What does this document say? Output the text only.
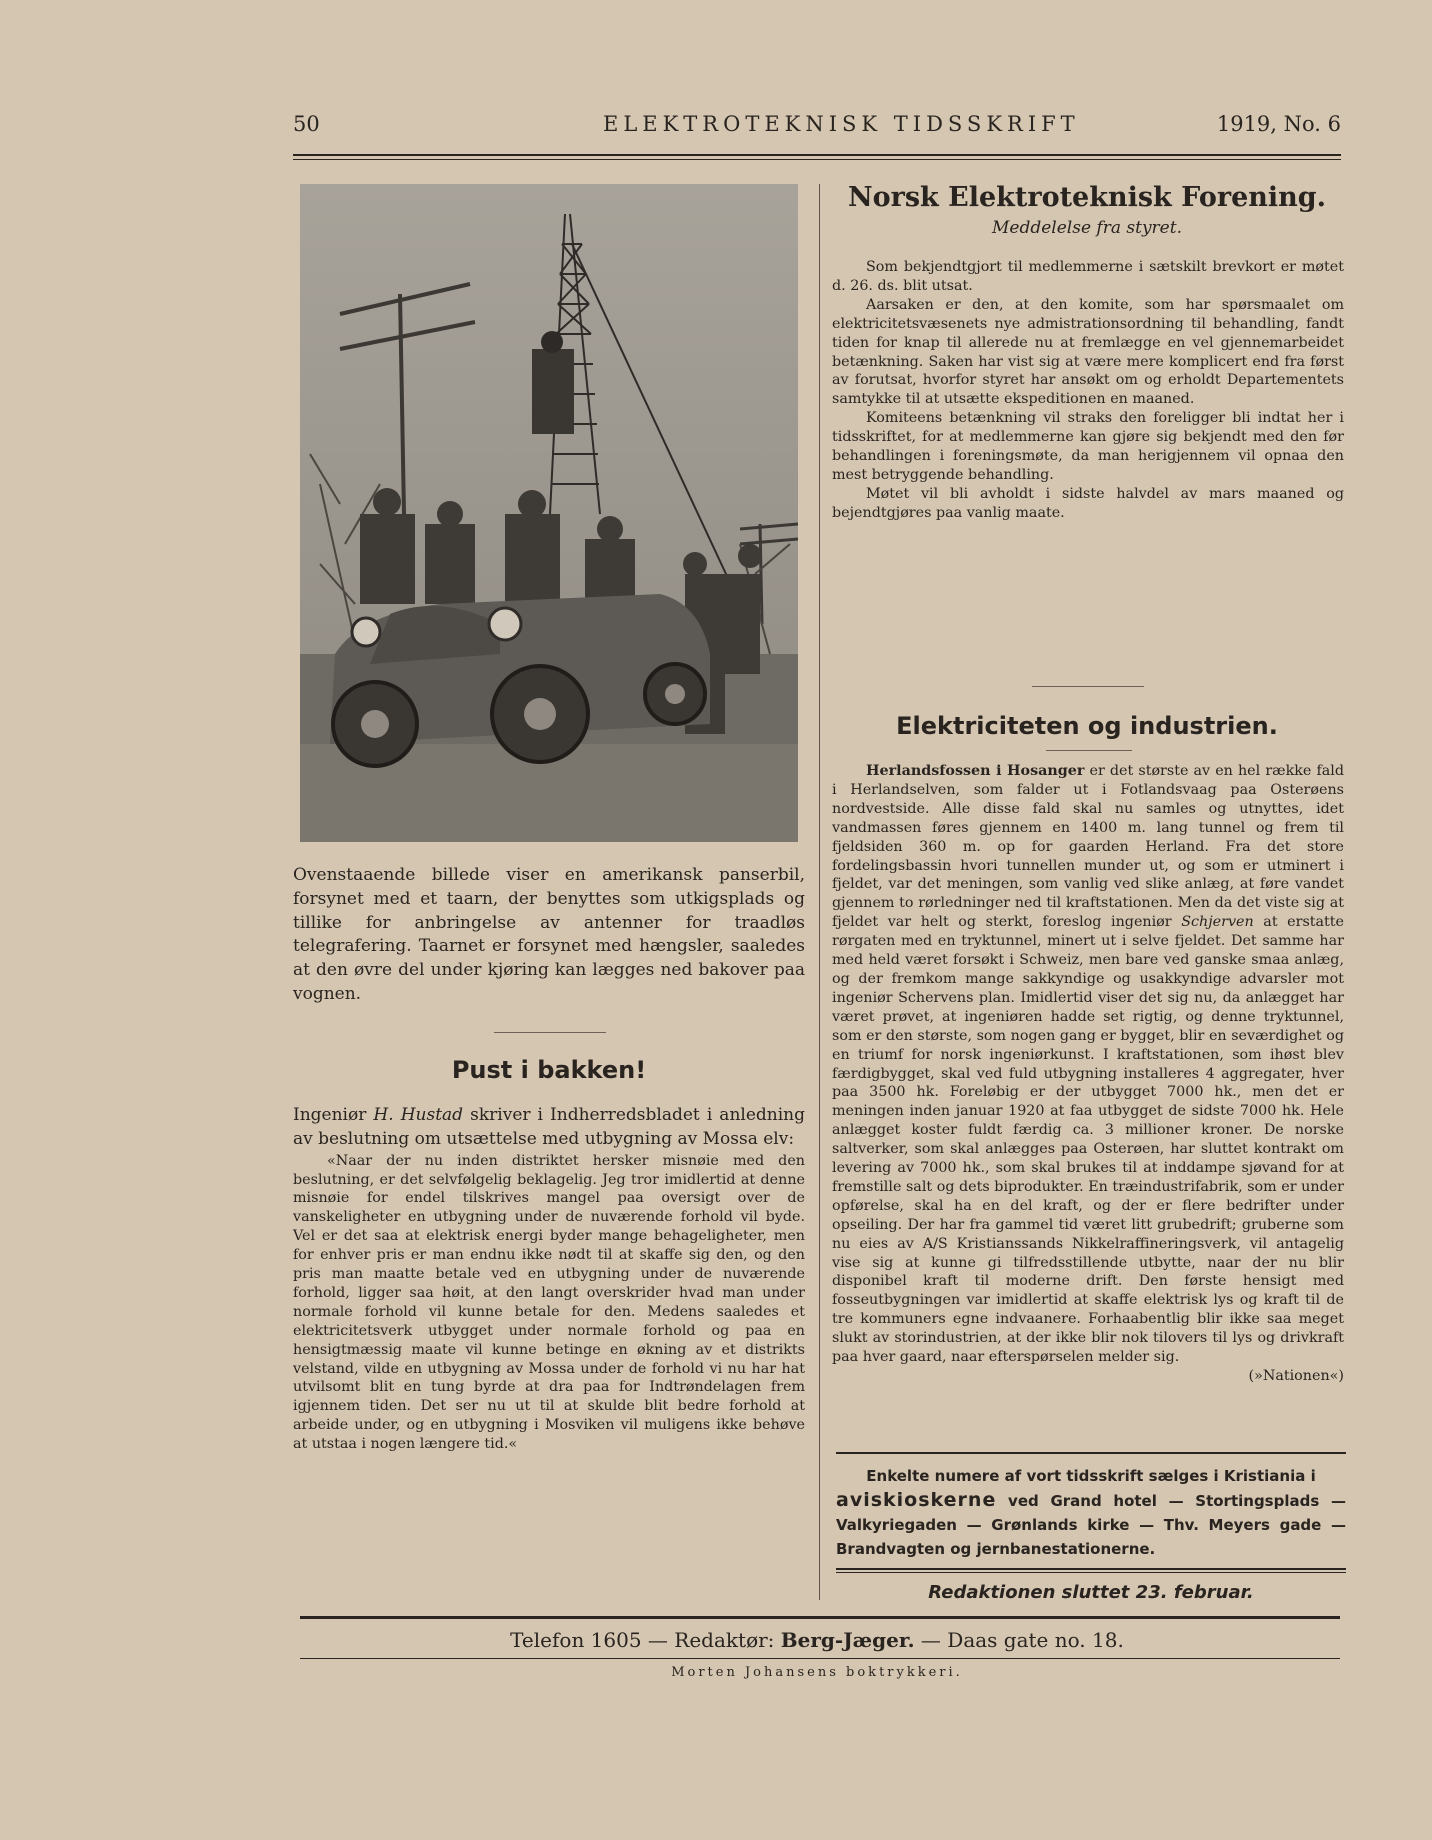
50	ELEKTROTEKNISK TIDSSKRIFT	1919, No. 6

Ovenstaaende billede viser en amerikansk panserbil, forsynet med et taarn, der benyttes som utkigsplads og tillike for anbringelse av antenner for traadløs telegrafering. Taarnet er forsynet med hængsler, saaledes at den øvre del under kjøring kan lægges ned bakover paa vognen.

Pust i bakken!

Ingeniør H. Hustad skriver i Indherredsbladet i anledning av beslutning om utsættelse med utbygning av Mossa elv:

«Naar der nu inden distriktet hersker misnøie med den beslutning, er det selvfølgelig beklagelig. Jeg tror imidlertid at denne misnøie for endel tilskrives mangel paa oversigt over de vanskeligheter en utbygning under de nuværende forhold vil byde. Vel er det saa at elektrisk energi byder mange behageligheter, men for enhver pris er man endnu ikke nødt til at skaffe sig den, og den pris man maatte betale ved en utbygning under de nuværende forhold, ligger saa høit, at den langt overskrider hvad man under normale forhold vil kunne betale for den. Medens saaledes et elektricitetsverk utbygget under normale forhold og paa en hensigtmæssig maate vil kunne betinge en økning av et distrikts velstand, vilde en utbygning av Mossa under de forhold vi nu har hat utvilsomt blit en tung byrde at dra paa for Indtrøndelagen frem igjennem tiden. Det ser nu ut til at skulde blit bedre forhold at arbeide under, og en utbygning i Mosviken vil muligens ikke behøve at utstaa i nogen længere tid.«

Norsk Elektroteknisk Forening.
Meddelelse fra styret.

Som bekjendtgjort til medlemmerne i sætskilt brevkort er møtet d. 26. ds. blit utsat.

Aarsaken er den, at den komite, som har spørsmaalet om elektricitetsvæsenets nye admistrationsordning til behandling, fandt tiden for knap til allerede nu at fremlægge en vel gjennemarbeidet betænkning. Saken har vist sig at være mere komplicert end fra først av forutsat, hvorfor styret har ansøkt om og erholdt Departementets samtykke til at utsætte ekspeditionen en maaned.

Komiteens betænkning vil straks den foreligger bli indtat her i tidsskriftet, for at medlemmerne kan gjøre sig bekjendt med den før behandlingen i foreningsmøte, da man herigjennem vil opnaa den mest betryggende behandling.

Møtet vil bli avholdt i sidste halvdel av mars maaned og bejendtgjøres paa vanlig maate.

Elektriciteten og industrien.

Herlandsfossen i Hosanger er det største av en hel række fald i Herlandselven, som falder ut i Fotlandsvaag paa Osterøens nordvestside. Alle disse fald skal nu samles og utnyttes, idet vandmassen føres gjennem en 1400 m. lang tunnel og frem til fjeldsiden 360 m. op for gaarden Herland. Fra det store fordelingsbassin hvori tunnellen munder ut, og som er utminert i fjeldet, var det meningen, som vanlig ved slike anlæg, at føre vandet gjennem to rørledninger ned til kraftstationen. Men da det viste sig at fjeldet var helt og sterkt, foreslog ingeniør Schjerven at erstatte rørgaten med en tryktunnel, minert ut i selve fjeldet. Det samme har med held været forsøkt i Schweiz, men bare ved ganske smaa anlæg, og der fremkom mange sakkyndige og usakkyndige advarsler mot ingeniør Schervens plan. Imidlertid viser det sig nu, da anlægget har været prøvet, at ingeniøren hadde set rigtig, og denne tryktunnel, som er den største, som nogen gang er bygget, blir en seværdighet og en triumf for norsk ingeniørkunst. I kraftstationen, som ihøst blev færdigbygget, skal ved fuld utbygning installeres 4 aggregater, hver paa 3500 hk. Foreløbig er der utbygget 7000 hk., men det er meningen inden januar 1920 at faa utbygget de sidste 7000 hk. Hele anlægget koster fuldt færdig ca. 3 millioner kroner. De norske saltverker, som skal anlægges paa Osterøen, har sluttet kontrakt om levering av 7000 hk., som skal brukes til at inddampe sjøvand for at fremstille salt og dets biprodukter. En træindustrifabrik, som er under opførelse, skal ha en del kraft, og der er flere bedrifter under opseiling. Der har fra gammel tid været litt grubedrift; gruberne som nu eies av A/S Kristianssands Nikkelraffineringsverk, vil antagelig vise sig at kunne gi tilfredsstillende utbytte, naar der nu blir disponibel kraft til moderne drift. Den første hensigt med fosseutbygningen var imidlertid at skaffe elektrisk lys og kraft til de tre kommuners egne indvaanere. Forhaabentlig blir ikke saa meget slukt av storindustrien, at der ikke blir nok tilovers til lys og drivkraft paa hver gaard, naar efterspørselen melder sig.

(»Nationen«)

Enkelte numere af vort tidsskrift sælges i Kristiania i
aviskioskerne ved Grand hotel — Stortingsplads — Valkyriegaden — Grønlands kirke — Thv. Meyers gade — Brandvagten og jernbanestationerne.
Redaktionen sluttet 23. februar.
Telefon 1605 — Redaktør: Berg-Jæger. — Daas gate no. 18.
Morten Johansens boktrykkeri.
